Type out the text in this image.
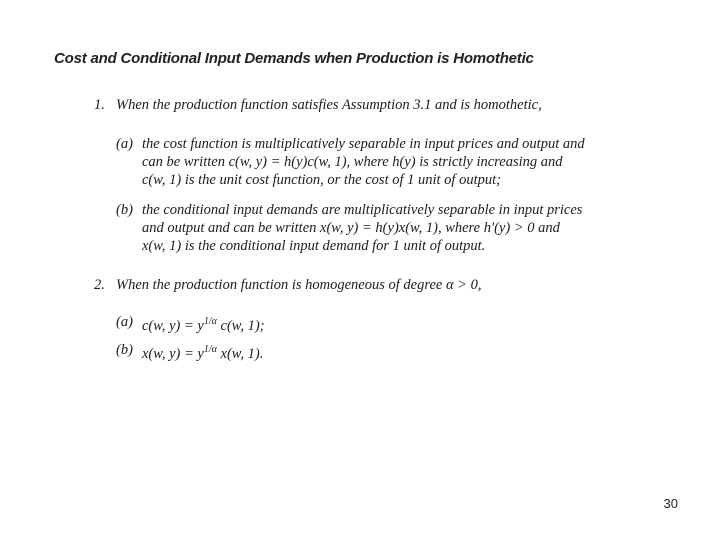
Cost and Conditional Input Demands when Production is Homothetic
1. When the production function satisfies Assumption 3.1 and is homothetic,
(a) the cost function is multiplicatively separable in input prices and output and
can be written c(w, y) = h(y)c(w, 1), where h(y) is strictly increasing and
c(w, 1) is the unit cost function, or the cost of 1 unit of output;
(b) the conditional input demands are multiplicatively separable in input prices
and output and can be written x(w, y) = h(y)x(w, 1), where h′(y) > 0 and
x(w, 1) is the conditional input demand for 1 unit of output.
2. When the production function is homogeneous of degree α > 0,
(a) c(w, $y) = y^{1/\alpha}$ c(w, 1);
(b) x(w, $y) = y^{1/\alpha}$ x(w, 1).
30
